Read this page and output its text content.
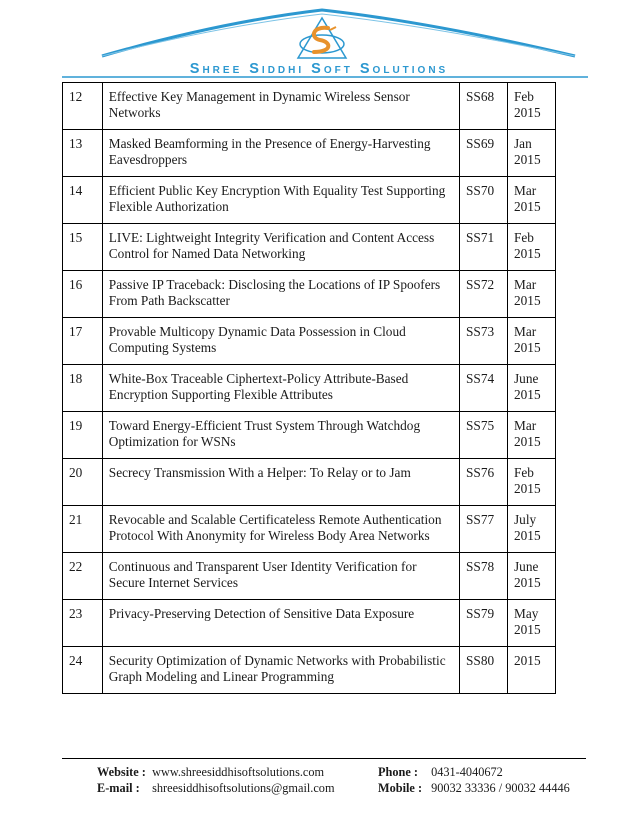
Shree Siddhi Soft Solutions
12	Effective Key Management in Dynamic Wireless Sensor Networks	SS68	Feb 2015
13	Masked Beamforming in the Presence of Energy-Harvesting Eavesdroppers	SS69	Jan 2015
14	Efficient Public Key Encryption With Equality Test Supporting Flexible Authorization	SS70	Mar 2015
15	LIVE: Lightweight Integrity Verification and Content Access Control for Named Data Networking	SS71	Feb 2015
16	Passive IP Traceback: Disclosing the Locations of IP Spoofers From Path Backscatter	SS72	Mar 2015
17	Provable Multicopy Dynamic Data Possession in Cloud Computing Systems	SS73	Mar 2015
18	White-Box Traceable Ciphertext-Policy Attribute-Based Encryption Supporting Flexible Attributes	SS74	June 2015
19	Toward Energy-Efficient Trust System Through Watchdog Optimization for WSNs	SS75	Mar 2015
20	Secrecy Transmission With a Helper: To Relay or to Jam	SS76	Feb 2015
21	Revocable and Scalable Certificateless Remote Authentication Protocol With Anonymity for Wireless Body Area Networks	SS77	July 2015
22	Continuous and Transparent User Identity Verification for Secure Internet Services	SS78	June 2015
23	Privacy-Preserving Detection of Sensitive Data Exposure	SS79	May 2015
24	Security Optimization of Dynamic Networks with Probabilistic Graph Modeling and Linear Programming	SS80	2015
Website : www.shreesiddhisoftsolutions.com
E-mail : shreesiddhisoftsolutions@gmail.com
Phone : 0431-4040672
Mobile : 90032 33336 / 90032 44446
